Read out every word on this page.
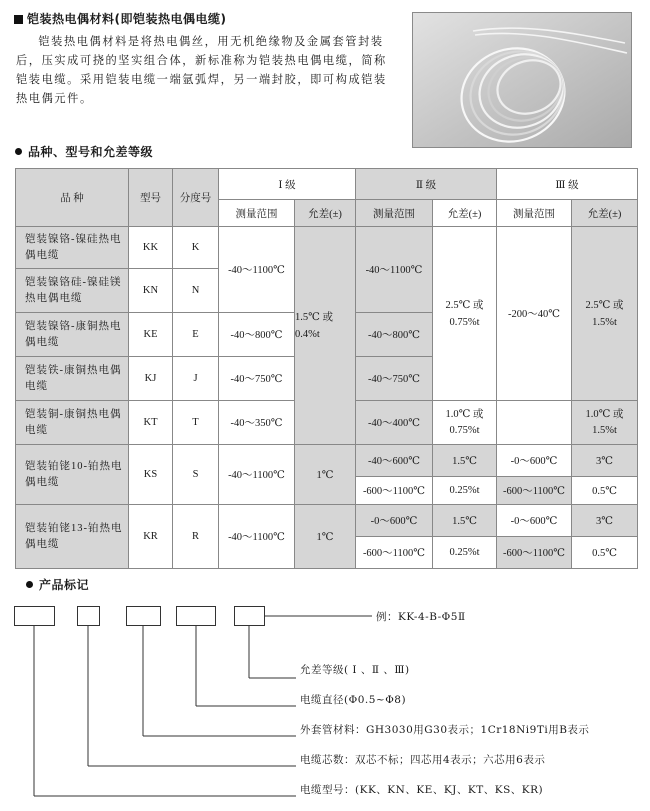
铠装热电偶材料(即铠装热电偶电缆)

铠装热电偶材料是将热电偶丝，用无机绝缘物及金属套管封装后，压实成可挠的坚实组合体，新标准称为铠装热电偶电缆，简称铠装电缆。采用铠装电缆一端氩弧焊，另一端封胶，即可构成铠装热电偶元件。

品种、型号和允差等级
品 种	型号	分度号	Ⅰ 级		Ⅱ 级		Ⅲ 级	
			测量范围	允差(±)	测量范围	允差(±)	测量范围	允差(±)
铠装镍铬-镍硅热电偶电缆	KK	K	-40～1100℃	1.5℃ 或 0.4%t	-40～1100℃	2.5℃ 或 0.75%t	-200～40℃	2.5℃ 或 1.5%t
铠装镍铬硅-镍硅镁热电偶电缆	KN	N						
铠装镍铬-康铜热电偶电缆	KE	E	-40～800℃		-40～800℃			
铠装铁-康铜热电偶电缆	KJ	J	-40～750℃		-40～750℃			
铠装铜-康铜热电偶电缆	KT	T	-40～350℃		-40～400℃	1.0℃ 或 0.75%t		1.0℃ 或 1.5%t
铠装铂铑10-铂热电偶电缆	KS	S	-40～1100℃	1℃	-40～600℃	1.5℃	-0～600℃	3℃
					-600～1100℃	0.25%t	-600～1100℃	0.5℃
铠装铂铑13-铂热电偶电缆	KR	R	-40～1100℃	1℃	-0～600℃	1.5℃	-0～600℃	3℃
					-600～1100℃	0.25%t	-600～1100℃	0.5℃
产品标记
例：KK-4-B-Φ5Ⅱ
允差等级( Ⅰ 、Ⅱ 、Ⅲ)
电缆直径(Φ0.5~Φ8)
外套管材料：GH3030用G30表示；1Cr18Ni9Ti用B表示
电缆芯数：双芯不标；四芯用4表示；六芯用6表示
电缆型号：(KK、KN、KE、KJ、KT、KS、KR)
